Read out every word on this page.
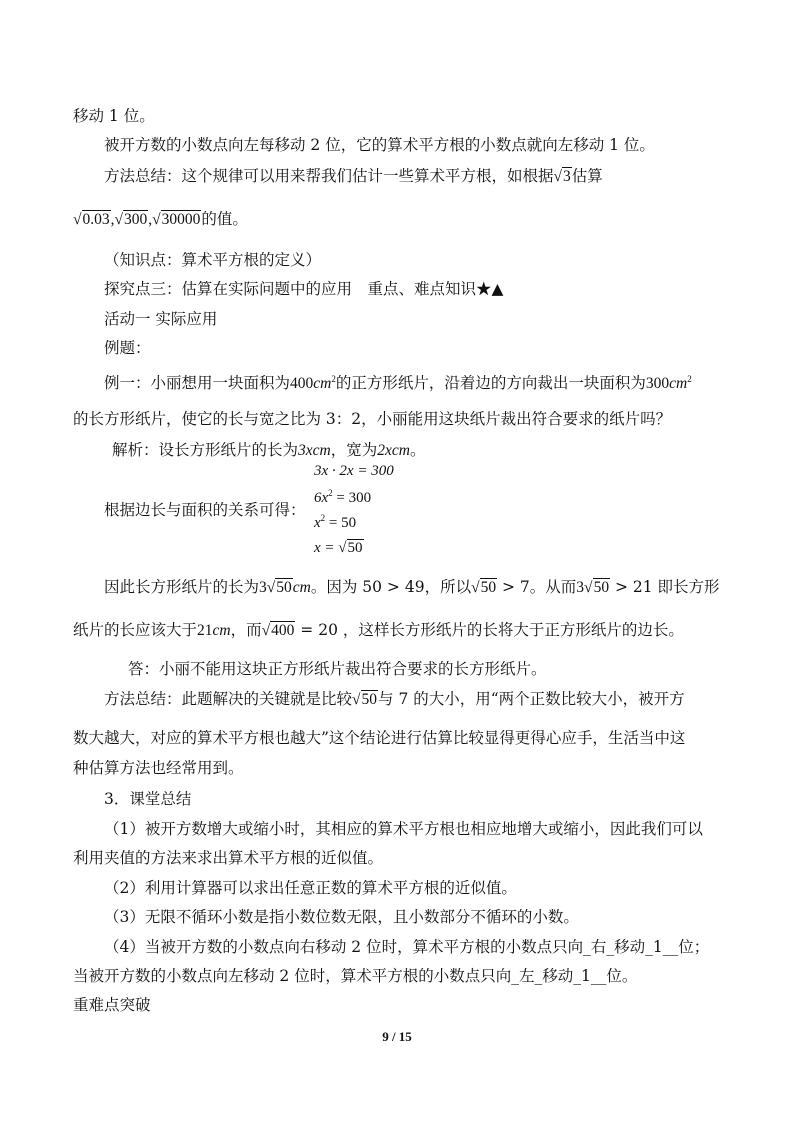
移动 1 位。
被开方数的小数点向左每移动 2 位，它的算术平方根的小数点就向左移动 1 位。
方法总结：这个规律可以用来帮我们估计一些算术平方根，如根据√3估算
√0.03,√300,√30000的值。
（知识点：算术平方根的定义）
探究点三：估算在实际问题中的应用　重点、难点知识★▲
活动一 实际应用
例题：
例一：小丽想用一块面积为$400cm^2$的正方形纸片，沿着边的方向裁出一块面积为$300cm^2$
的长方形纸片，使它的长与宽之比为 3：2，小丽能用这块纸片裁出符合要求的纸片吗？
解析：设长方形纸片的长为3xcm，宽为2xcm。
3x · 2x = 300
$6x^2 = 300$
根据边长与面积的关系可得：
$x^2 = 50$
x = √50
因此长方形纸片的长为3√50cm。因为 50 > 49，所以√50 > 7。从而3√50 > 21 即长方形
纸片的长应该大于21cm，而√400 = 20 ，这样长方形纸片的长将大于正方形纸片的边长。
答：小丽不能用这块正方形纸片裁出符合要求的长方形纸片。
方法总结：此题解决的关键就是比较√50与 7 的大小，用“两个正数比较大小，被开方
数大越大，对应的算术平方根也越大”这个结论进行估算比较显得更得心应手，生活当中这
种估算方法也经常用到。
3．课堂总结
（1）被开方数增大或缩小时，其相应的算术平方根也相应地增大或缩小，因此我们可以
利用夹值的方法来求出算术平方根的近似值。
（2）利用计算器可以求出任意正数的算术平方根的近似值。
（3）无限不循环小数是指小数位数无限，且小数部分不循环的小数。
（4）当被开方数的小数点向右移动 2 位时，算术平方根的小数点只向_右_移动_1__位；
当被开方数的小数点向左移动 2 位时，算术平方根的小数点只向_左_移动_1__位。
重难点突破
9 / 15
